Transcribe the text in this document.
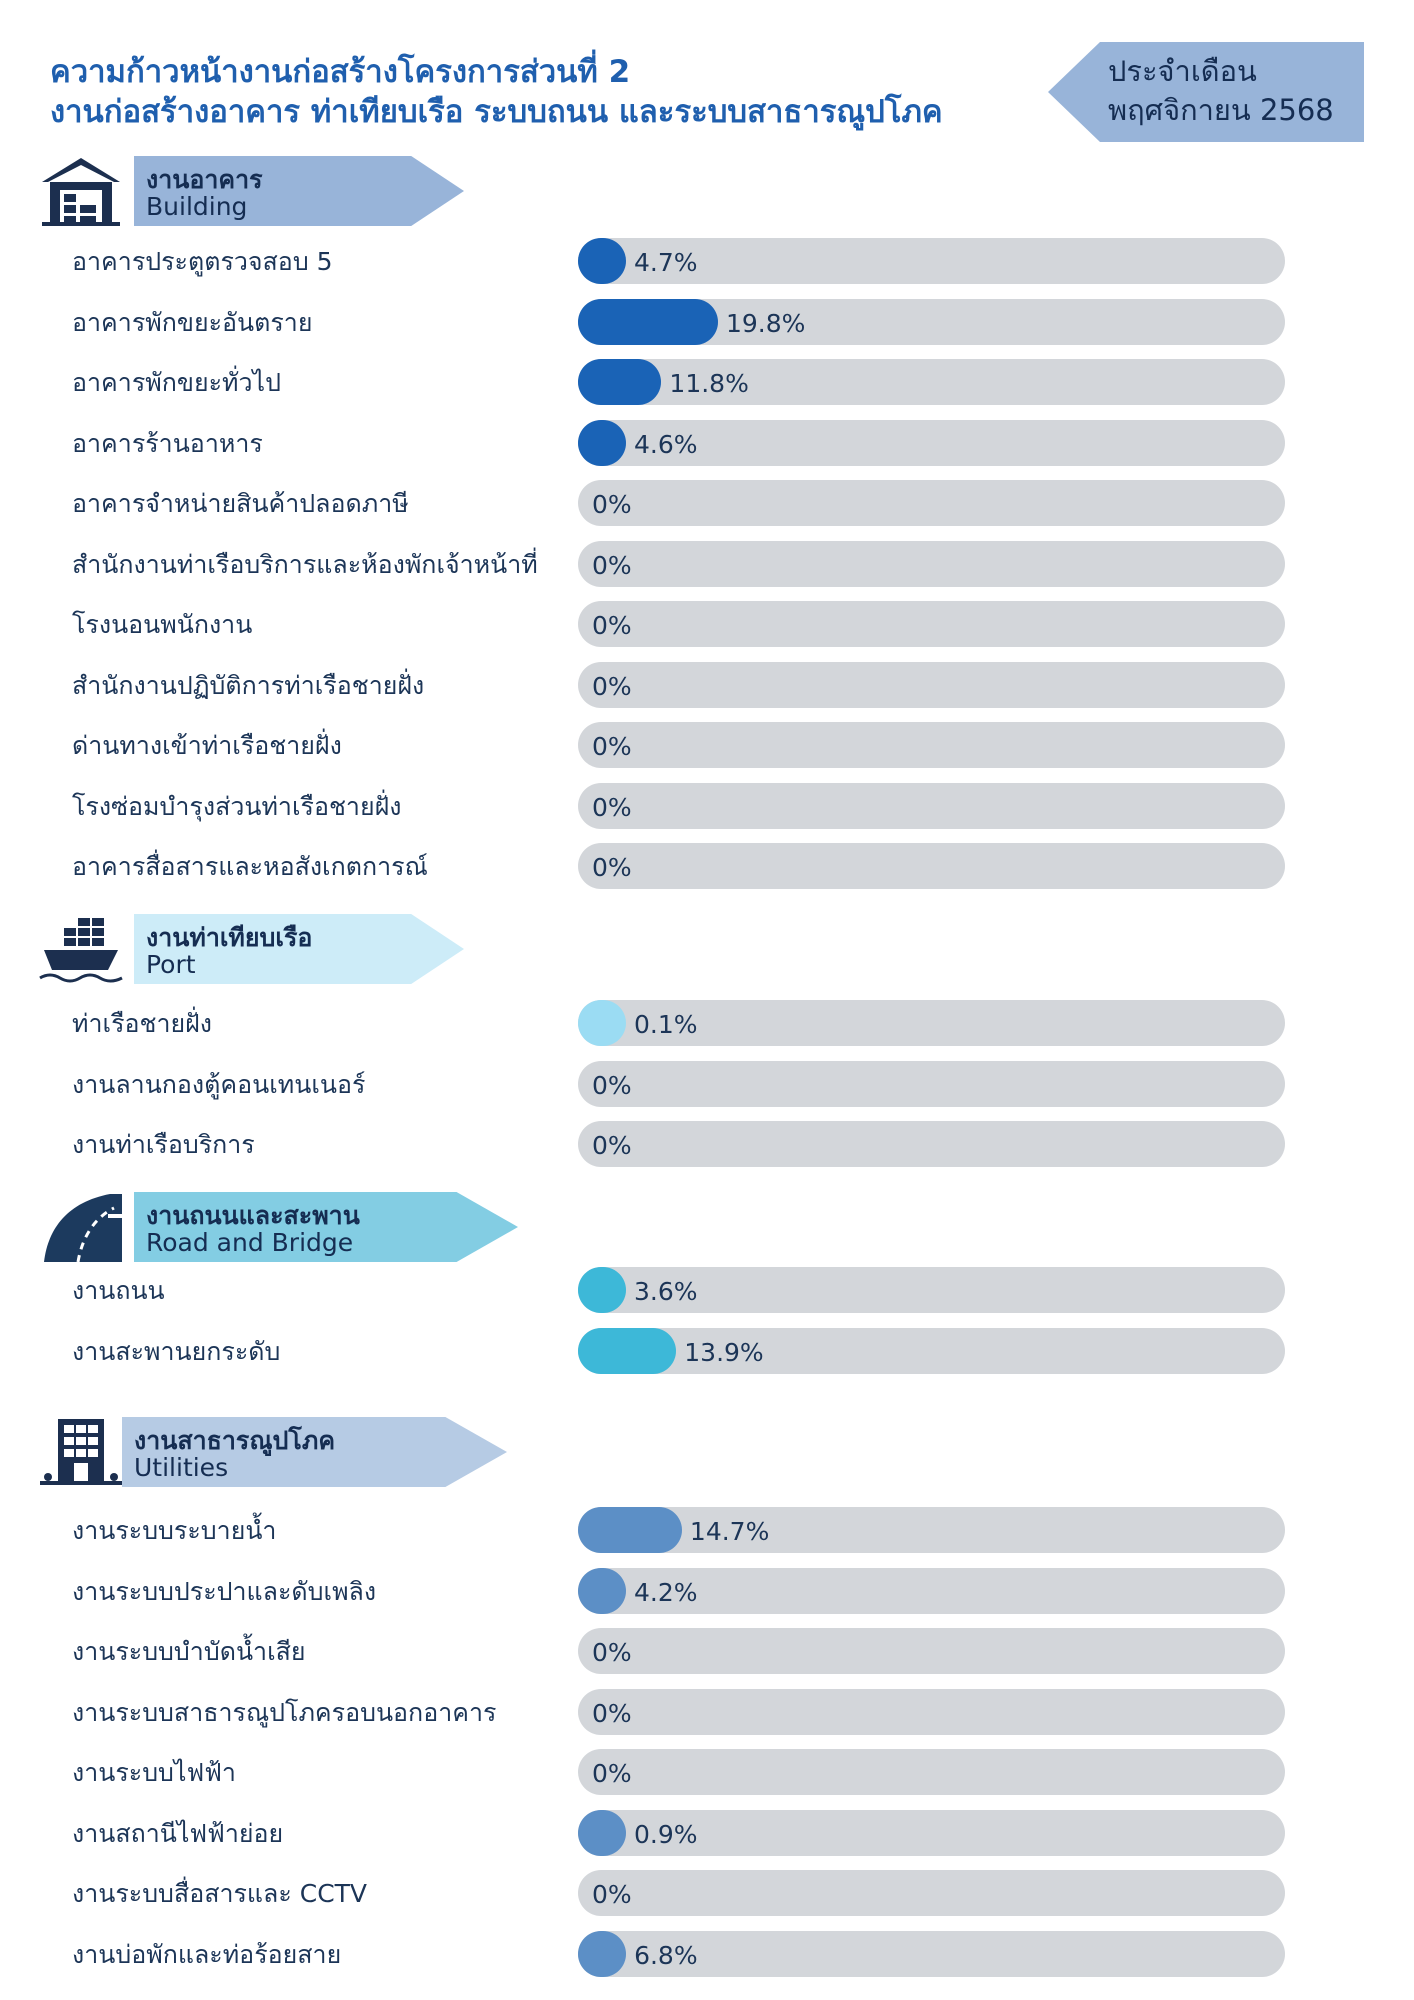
ความก้าวหน้างานก่อสร้างโครงการส่วนที่ 2
งานก่อสร้างอาคาร ท่าเทียบเรือ ระบบถนน และระบบสาธารณูปโภค
ประจำเดือน
พฤศจิกายน 2568
งานอาคาร
Building
อาคารประตูตรวจสอบ 5	4.7%
อาคารพักขยะอันตราย	19.8%
อาคารพักขยะทั่วไป	11.8%
อาคารร้านอาหาร	4.6%
อาคารจำหน่ายสินค้าปลอดภาษี	0%
สำนักงานท่าเรือบริการและห้องพักเจ้าหน้าที่ 0%
โรงนอนพนักงาน	0%
สำนักงานปฏิบัติการท่าเรือชายฝั่ง	0%
ด่านทางเข้าท่าเรือชายฝั่ง	0%
โรงซ่อมบำรุงส่วนท่าเรือชายฝั่ง	0%
อาคารสื่อสารและหอสังเกตการณ์	0%
งานท่าเทียบเรือ
Port
ท่าเรือชายฝั่ง	0.1%
งานลานกองตู้คอนเทนเนอร์	0%
งานท่าเรือบริการ	0%
งานถนนและสะพาน
Road and Bridge
งานถนน	3.6%
งานสะพานยกระดับ	13.9%
งานสาธารณูปโภค
Utilities
งานระบบระบายน้ำ	14.7%
งานระบบประปาและดับเพลิง	4.2%
งานระบบบำบัดน้ำเสีย	0%
งานระบบสาธารณูปโภครอบนอกอาคาร	0%
งานระบบไฟฟ้า	0%
งานสถานีไฟฟ้าย่อย	0.9%
งานระบบสื่อสารและ CCTV	0%
งานบ่อพักและท่อร้อยสาย	6.8%
